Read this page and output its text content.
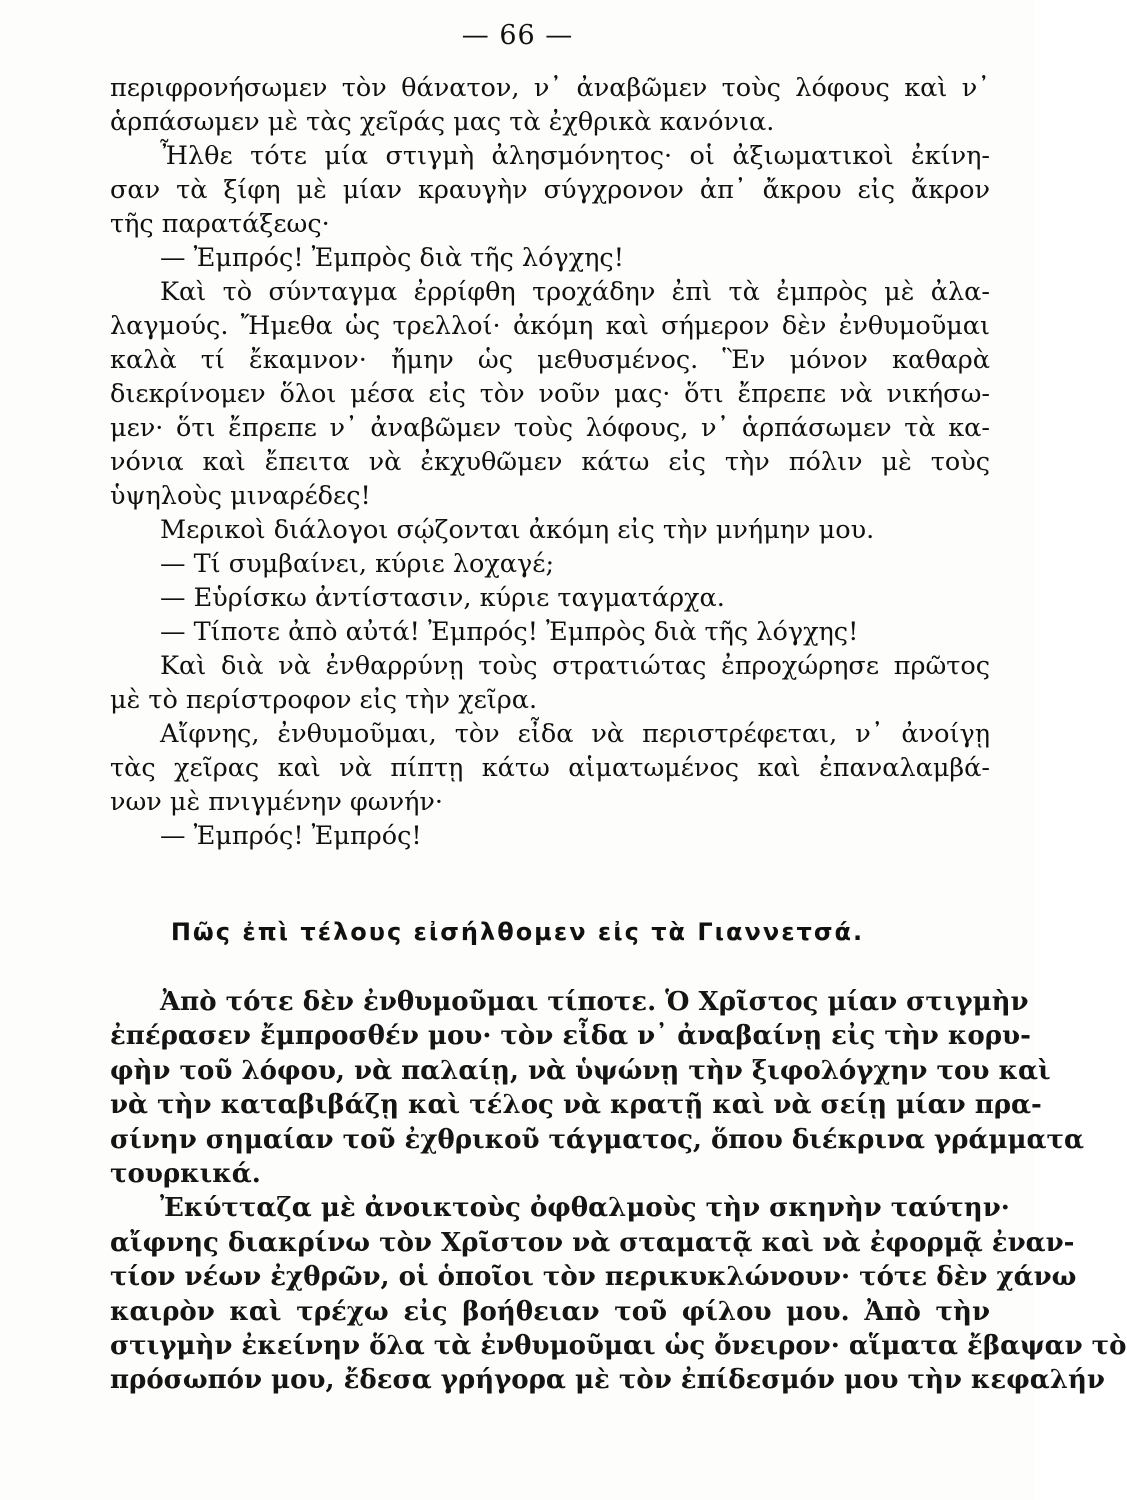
— 66 —
περιφρονήσωμεν τὸν θάνατον, ν᾿ ἀναβῶμεν τοὺς λόφους καὶ ν᾿
ἁρπάσωμεν μὲ τὰς χεῖράς μας τὰ ἐχθρικὰ κανόνια.
Ἦλθε τότε μία στιγμὴ ἀλησμόνητος· οἱ ἀξιωματικοὶ ἐκίνη-
σαν τὰ ξίφη μὲ μίαν κραυγὴν σύγχρονον ἀπ᾿ ἄκρου εἰς ἄκρον
τῆς παρατάξεως·
— Ἐμπρός! Ἐμπρὸς διὰ τῆς λόγχης!
Καὶ τὸ σύνταγμα ἐρρίφθη τροχάδην ἐπὶ τὰ ἐμπρὸς μὲ ἀλα-
λαγμούς. Ἤμεθα ὡς τρελλοί· ἀκόμη καὶ σήμερον δὲν ἐνθυμοῦμαι
καλὰ τί ἔκαμνον· ἤμην ὡς μεθυσμένος. Ἓν μόνον καθαρὰ
διεκρίνομεν ὅλοι μέσα εἰς τὸν νοῦν μας· ὅτι ἔπρεπε νὰ νικήσω-
μεν· ὅτι ἔπρεπε ν᾿ ἀναβῶμεν τοὺς λόφους, ν᾿ ἁρπάσωμεν τὰ κα-
νόνια καὶ ἔπειτα νὰ ἐκχυθῶμεν κάτω εἰς τὴν πόλιν μὲ τοὺς
ὑψηλοὺς μιναρέδες!
Μερικοὶ διάλογοι σῴζονται ἀκόμη εἰς τὴν μνήμην μου.
— Τί συμβαίνει, κύριε λοχαγέ;
— Εὑρίσκω ἀντίστασιν, κύριε ταγματάρχα.
— Τίποτε ἀπὸ αὐτά! Ἐμπρός! Ἐμπρὸς διὰ τῆς λόγχης!
Καὶ διὰ νὰ ἐνθαρρύνῃ τοὺς στρατιώτας ἐπροχώρησε πρῶτος
μὲ τὸ περίστροφον εἰς τὴν χεῖρα.
Αἴφνης, ἐνθυμοῦμαι, τὸν εἶδα νὰ περιστρέφεται, ν᾿ ἀνοίγῃ
τὰς χεῖρας καὶ νὰ πίπτῃ κάτω αἱματωμένος καὶ ἐπαναλαμβά-
νων μὲ πνιγμένην φωνήν·
— Ἐμπρός! Ἐμπρός!
Πῶς ἐπὶ τέλους εἰσήλθομεν εἰς τὰ Γιαννετσά.
Ἀπὸ τότε δὲν ἐνθυμοῦμαι τίποτε. Ὁ Χρῖστος μίαν στιγμὴν
ἐπέρασεν ἔμπροσθέν μου· τὸν εἶδα ν᾿ ἀναβαίνῃ εἰς τὴν κορυ-
φὴν τοῦ λόφου, νὰ παλαίῃ, νὰ ὑψώνῃ τὴν ξιφολόγχην του καὶ
νὰ τὴν καταβιβάζῃ καὶ τέλος νὰ κρατῇ καὶ νὰ σείῃ μίαν πρα-
σίνην σημαίαν τοῦ ἐχθρικοῦ τάγματος, ὅπου διέκρινα γράμματα
τουρκικά.
Ἐκύτταζα μὲ ἀνοικτοὺς ὀφθαλμοὺς τὴν σκηνὴν ταύτην·
αἴφνης διακρίνω τὸν Χρῖστον νὰ σταματᾷ καὶ νὰ ἐφορμᾷ ἐναν-
τίον νέων ἐχθρῶν, οἱ ὁποῖοι τὸν περικυκλώνουν· τότε δὲν χάνω
καιρὸν καὶ τρέχω εἰς βοήθειαν τοῦ φίλου μου. Ἀπὸ τὴν
στιγμὴν ἐκείνην ὅλα τὰ ἐνθυμοῦμαι ὡς ὄνειρον· αἵματα ἔβαψαν τὸ
πρόσωπόν μου, ἔδεσα γρήγορα μὲ τὸν ἐπίδεσμόν μου τὴν κεφαλήν
